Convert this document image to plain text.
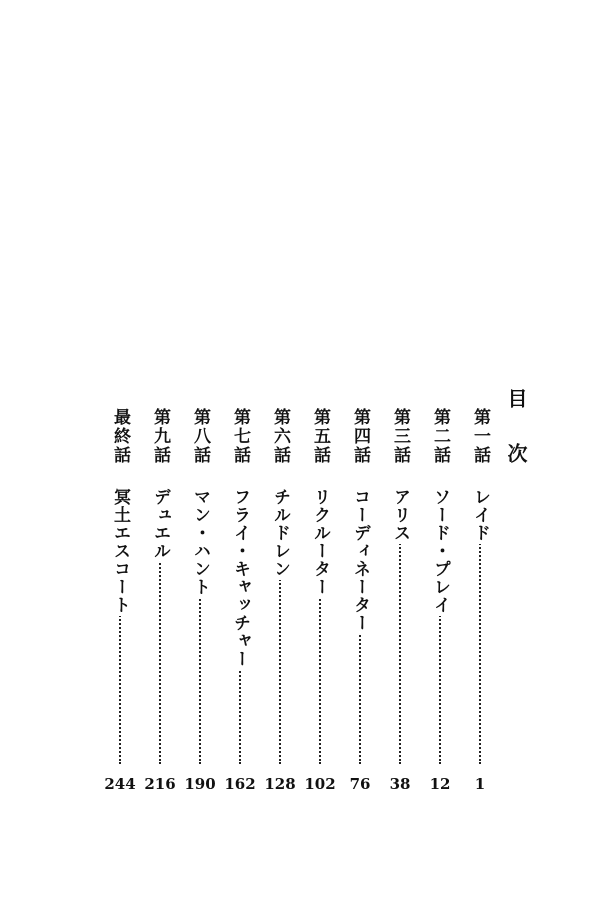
目 次
第一話
レイド
1
第二話
ソード・プレイ
12
第三話
アリス
38
第四話
コーディネーター
76
第五話
リクルーター
102
第六話
チルドレン
128
第七話
フライ・キャッチャー
162
第八話
マン・ハント
190
第九話
デュエル
216
最終話
冥土エスコート
244
